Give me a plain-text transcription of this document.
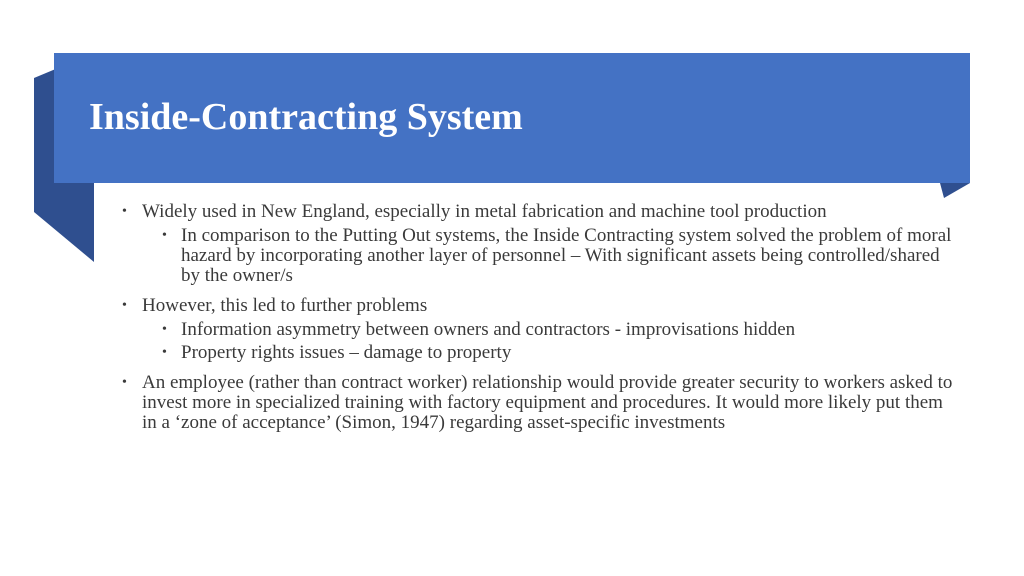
Inside-Contracting System
• Widely used in New England, especially in metal fabrication and machine tool production
• In comparison to the Putting Out systems, the Inside Contracting system solved the problem of moral hazard by incorporating another layer of personnel – With significant assets being controlled/shared by the owner/s
• However, this led to further problems
• Information asymmetry between owners and contractors - improvisations hidden
• Property rights issues – damage to property
• An employee (rather than contract worker) relationship would provide greater security to workers asked to invest more in specialized training with factory equipment and procedures. It would more likely put them in a ‘zone of acceptance’ (Simon, 1947) regarding asset-specific investments
